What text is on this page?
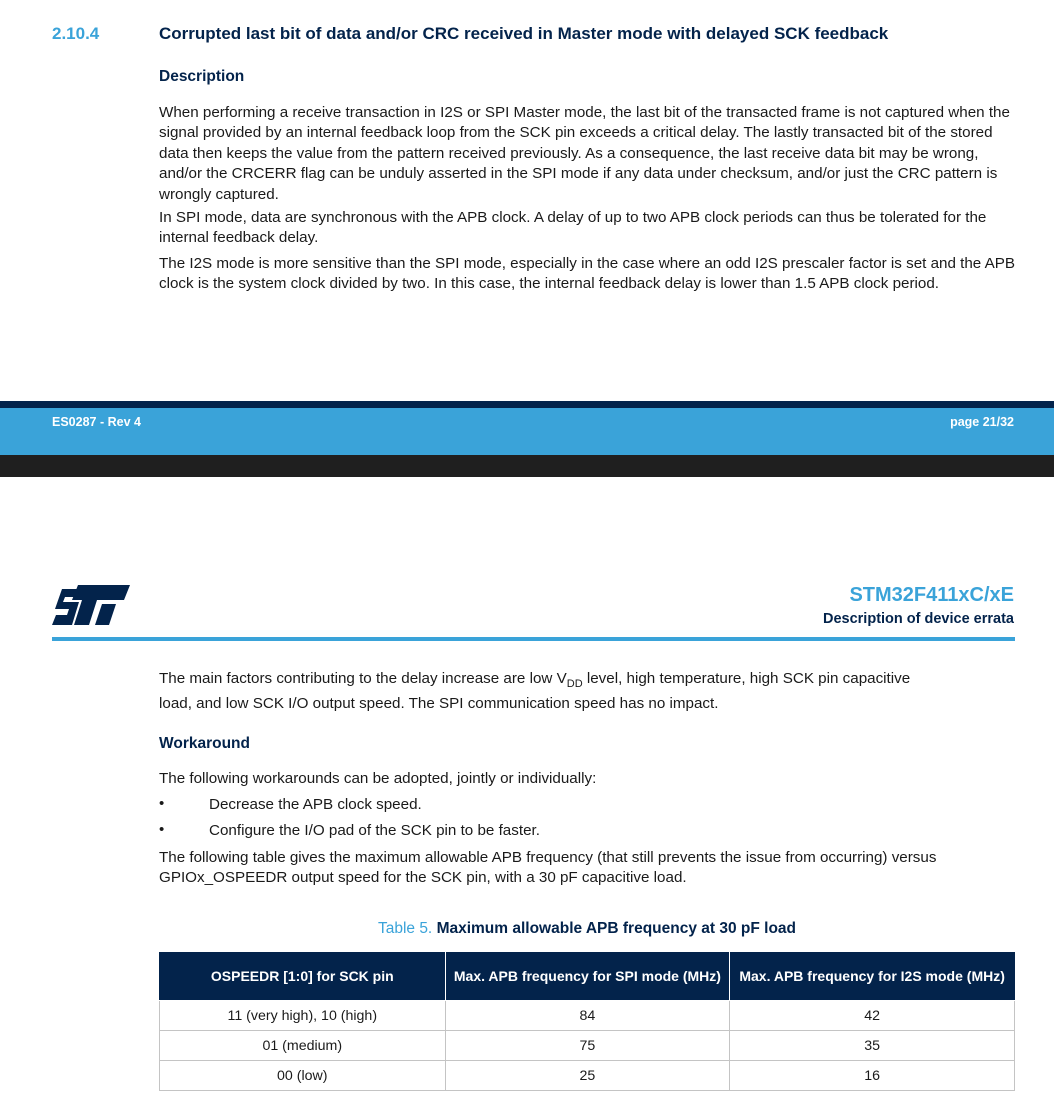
2.10.4	Corrupted last bit of data and/or CRC received in Master mode with delayed SCK feedback
Description
When performing a receive transaction in I2S or SPI Master mode, the last bit of the transacted frame is not captured when the signal provided by an internal feedback loop from the SCK pin exceeds a critical delay. The lastly transacted bit of the stored data then keeps the value from the pattern received previously. As a consequence, the last receive data bit may be wrong, and/or the CRCERR flag can be unduly asserted in the SPI mode if any data under checksum, and/or just the CRC pattern is wrongly captured.
In SPI mode, data are synchronous with the APB clock. A delay of up to two APB clock periods can thus be tolerated for the internal feedback delay.
The I2S mode is more sensitive than the SPI mode, especially in the case where an odd I2S prescaler factor is set and the APB clock is the system clock divided by two. In this case, the internal feedback delay is lower than 1.5 APB clock period.
ES0287 - Rev 4	page 21/32
STM32F411xC/xE
Description of device errata
The main factors contributing to the delay increase are low $V_{DD}$ level, high temperature, high SCK pin capacitive
load, and low SCK I/O output speed. The SPI communication speed has no impact.
Workaround
The following workarounds can be adopted, jointly or individually:
•	Decrease the APB clock speed.
•	Configure the I/O pad of the SCK pin to be faster.
The following table gives the maximum allowable APB frequency (that still prevents the issue from occurring) versus GPIOx_OSPEEDR output speed for the SCK pin, with a 30 pF capacitive load.
Table 5. Maximum allowable APB frequency at 30 pF load
OSPEEDR [1:0] for SCK pin	Max. APB frequency for SPI mode (MHz)	Max. APB frequency for I2S mode (MHz)
11 (very high), 10 (high)	84	42
01 (medium)	75	35
00 (low)	25	16
